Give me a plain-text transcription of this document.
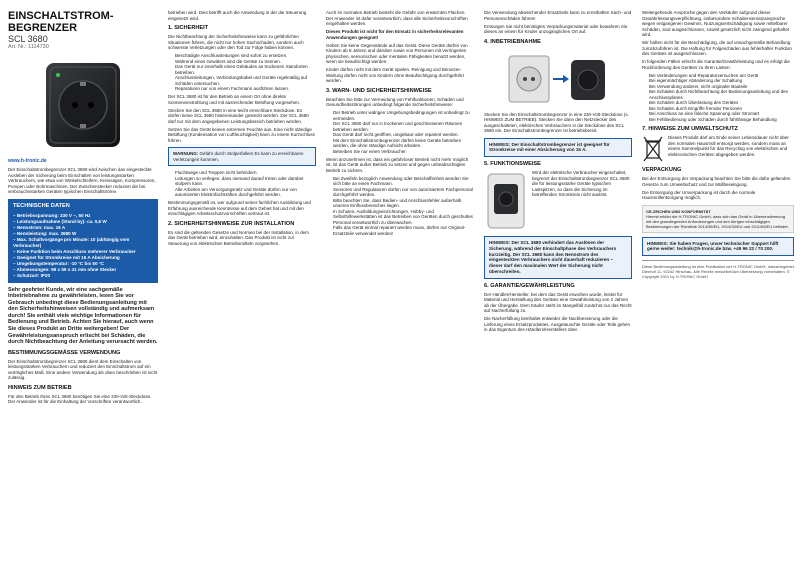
EINSCHALTSTROM-
BEGRENZER
SCL 3680
Art. Nr.: 1114730
www.h-tronic.de

Der Einschaltstrombegrenzer SCL 3680 wird zwischen das eingesteckte Ausleben der Sicherung beim Einschalten von leistungsstarken Verbrauchern, wie etwa von Winkelschleifern, Kreissägen, Kompressoren, Pumpen oder Bohrmaschinen. Der Zwischenstecker reduziert die bei verbrauchsstarken Geräten typischen Einschaltströme.

TECHNISCHE DATEN
– Betriebsspannung: 230 V ~, 50 Hz
– Leistungsaufnahme (Stand-by): ca. 0,6 W
– Nennstrom: max. 16 A
– Nennleistung: max. 3680 W
– Max. Schaltvorgänge pro Minute: 10 (abhängig vom Verbraucher)
– Keine Funktion beim Anschluss mehrerer Verbraucher
– Geeignet für Stromkreise mit 16 A Absicherung
– Umgebungstemperatur: -10 °C bis 50 °C
– Abmessungen: 98 x 59 x 41 mm ohne Stecker
– Schutzart: IP20

Sehr geehrter Kunde, wir eine sachgemäße Inbetriebnahme zu gewährleisten, lesen Sie vor Gebrauch unbedingt diese Bedienungsanleitung mit den Sicherheitshinweisen vollständig und aufmerksam durch! Sie enthält viele wichtige Informationen für Bedienung und Betrieb. Achten Sie hierauf, auch wenn Sie dieses Produkt an Dritte weitergeben! Der Gewährleistungsanspruch erlischt bei Schäden, die durch Nichtbeachtung der Anleitung verursacht werden.

BESTIMMUNGSGEMÄSSE VERWENDUNG

Der Einschaltstrombegrenzer SCL 3680 dient dem Einschalten von leistungsstarken Verbrauchern und reduziert den Einschaltstrom auf ein verträgliches Maß. Eine andere Verwendung als oben beschrieben ist nicht zulässig.

HINWEIS ZUM BETRIEB

Für den Betrieb Ihres SCL 3680 benötigen Sie eine 230-Volt-Steckdose. Der Anwender ist für die Einhaltung der Vorschriften verantwortlich.

betrieben wird. Dies betrifft auch die Anwendung in der die Steuerung eingesetzt wird.

1. SICHERHEIT

Die Nichtbeachtung der Sicherheitshinweise kann zu gefährlichen Situationen führen, die nicht nur hohen Sachschaden, sondern auch schwerste Verletzungen oder den Tod zur Folge haben können.

• Beschädigte Anschlussleitungen sind sofort zu ersetzen.
• Während eines Gewitters sind die Geräte zu trennen.
• Das Gerät nur innerhalb eines Gebäudes an trockenen Standorten betreiben.
• Anschlussleitungen, Verbindungskabel und Geräte regelmäßig auf Schäden untersuchen.
• Reparaturen nur von einem Fachmann ausführen lassen.

Der SCL 3680 ist für den Betrieb an einem Ort ohne direkte Sonneneinstrahlung und mit ausreichender Belüftung vorgesehen.

Stecken Sie den SCL 3680 in eine leicht erreichbare Steckdose. Es dürfen keine SCL 3680 hintereinander gesteckt werden. Der SCL 3680 darf nur mit dem angegebenen Leistungsbereich betrieben werden.

Setzen Sie das Gerät keinen extremen Feuchte aus. Eine nicht ständige Belüftung (Kondensation von Luftfeuchtigkeit) kann zu einem Kurzschluss führen.

WARNUNG: Gefahr durch Stolperfallen! Es kann zu erreichbaren Verletzungen kommen.
• Fluchtwege und Treppen nicht behindern.
• Leitungen so verlegen, dass niemand darauf treten oder darüber stolpern kann.
• Alle Arbeiten am Versorgungsnetz und Geräte dürfen nur von autorisierten Elektrofachkräften durchgeführt werden.

Bestimmungsgemäß ist, wer aufgrund seiner fachlichen Ausbildung und Erfahrung ausreichende Kenntnisse auf dem Gebiet hat und mit den einschlägigen Arbeitsschutzvorschriften vertraut ist.

2. SICHERHEITSHINWEISE ZUR INSTALLATION

Es sind die geltenden Gesetze und Normen bei der Installation, in dem das Gerät betrieben wird, einzuhalten. Das Produkt ist nicht zur Steuerung von elektrischen Betriebsmitteln vorgesehen.

Auch im normalen Betrieb besteht die Gefahr von erwärmten Flächen. Der Anwender ist dafür verantwortlich, dass alle Sicherheitsvorschriften eingehalten werden.

Dieses Produkt ist nicht für den Einsatz in sicherheitsrelevanten Anwendungen geeignet!

Geben Sie keine Gegenstände auf das Gerät. Diese Geräte dürfen von Kindern ab 8 Jahren und darüber sowie von Personen mit verringerten physischen, sensorischen oder mentalen Fähigkeiten benutzt werden, wenn sie beaufsichtigt werden.

Kinder dürfen nicht mit dem Gerät spielen. Reinigung und Benutzer-Wartung dürfen nicht von Kindern ohne Beaufsichtigung durchgeführt werden.

3. WARN- UND SICHERHEITSHINWEISE

Beachten Sie bitte zur Vermeidung von Fehlfunktionen, Schäden und Gesundheitsstörungen unbedingt folgende Sicherheitshinweise:

• Der Betrieb unter widrigen Umgebungsbedingungen ist unbedingt zu vermeiden.
• Der SCL 3680 darf nur in trockenen und geschlossenen Räumen betrieben werden.
• Das Gerät darf nicht geöffnet, umgebaut oder repariert werden.
• Mit dem Einschaltstrombegrenzer dürfen keine Geräte betrieben werden, die ohne ständige Aufsicht arbeiten.
• Betreiben Sie nur einen Verbraucher.

Wenn anzunehmen ist, dass ein gefahrloser Betrieb nicht mehr möglich ist, ist das Gerät außer Betrieb zu setzen und gegen unbeabsichtigten Betrieb zu sichern.

• Bei Zweifeln bezüglich Anwendung oder Beschaffenheit wenden Sie sich bitte an einen Fachmann.
• Sensoren und Regulatoren dürfen nur von autorisiertem Fachpersonal durchgeführt werden.
• Bitte beachten Sie, dass Bedien- und Anschlussfehler außerhalb unseres Einflussbereiches liegen.
• In Schulen, Ausbildungseinrichtungen, Hobby- und Selbsthilfewerkstätten ist das Betreiben von Geräten durch geschultes Personal verantwortlich zu überwachen.
• Falls das Gerät einmal repariert werden muss, dürfen nur Original-Ersatzteile verwendet werden!

Die Verwendung abweichender Ersatzteile kann zu ernsthaften Sach- und Personenschäden führen!

Entsorgen Sie nicht benötigtes Verpackungsmaterial oder bewahren Sie dieses an einem für Kinder unzugänglichen Ort auf.

4. INBETRIEBNAHME

Stecken Sie den Einschaltstrombegrenzer in eine 230-Volt-Steckdose (s. HINWEIS ZUM BETRIEB). Stecken Sie dann den Netzstecker des ausgeschalteten, elektrischen Verbrauchers in die Steckdose des SCL 3680 ein. Der Einschaltstrombegrenzer ist betriebsbereit.

HINWEIS: Der Einschaltstrombegrenzer ist geeignet für Stromkreise mit einer Absicherung von 16 A.
5. FUNKTIONSWEISE

Wird der elektrische Verbraucher eingeschaltet, begrenzt der Einschaltstrombegrenzer SCL 3680 die für leistungsstarke Geräte typischen Lastspitzen, so dass die Sicherung im betreffenden Stromkreis nicht auslöst.

HINWEIS: Der SCL 3680 verhindert das Auslösen der Sicherung, während der Einschaltphase des Verbrauchers kurzzeitig. Der SCL 3680 kann den Nennstrom des eingesteckten Verbrauchers nicht dauerhaft reduzieren – dieser darf den maximalen Wert der Sicherung nicht überschreiten.
6. GARANTIE/GEWÄHRLEISTUNG

Der Händler/Hersteller, bei dem das Gerät erworben wurde, leistet für Material und Herstellung des Gerätes eine Gewährleistung von 2 Jahren ab der Übergabe. Dem Käufer steht im Mangelfall zunächst nur das Recht auf Nacherfüllung zu.

Die Nacherfüllung beinhaltet entweder die Nachbesserung oder die Lieferung eines Ersatzproduktes. Ausgetauschte Geräte oder Teile gehen in das Eigentum des Händlers/Herstellers über.

Weitergehende Ansprüche gegen den Verkäufer aufgrund dieser Gewährleistungsverpflichtung, insbesondere Schadensersatzansprüche wegen entgangenen Gewinns, Nutzungsentschädigung sowie mittelbarer Schäden, sind ausgeschlossen, soweit gesetzlich nicht zwingend gehaftet wird.

Wir haften nicht für die Beschädigung, die auf unsachgemäße Behandlung zurückzuführen ist. Die Haftung für Folgeschäden aus fehlerhafter Funktion des Gerätes ist ausgeschlossen.

In folgenden Fällen erlischt die Garantie/Gewährleistung und es erfolgt die Rückforderung des Gerätes zu Ihren Lasten:

• Bei Veränderungen und Reparaturversuchen am Gerät
• Bei eigenmächtiger Abänderung der Schaltung
• Bei Verwendung anderer, nicht originaler Bauteile
• Bei Schäden durch Nichtbeachtung der Bedienungsanleitung und des Anschlussplanes
• Bei Schäden durch Überlastung des Gerätes
• Bei Schäden durch Eingriffe fremder Personen
• Bei Anschluss an eine falsche Spannung oder Stromart
• Bei Fehlbedienung oder Schäden durch fahrlässige Behandlung
7. HINWEISE ZUM UMWELTSCHUTZ

Dieses Produkt darf am Ende seiner Lebensdauer nicht über den normalen Hausmüll entsorgt werden, sondern muss an einem Sammelpunkt für das Recycling von elektrischen und elektronischen Geräten abgegeben werden.

VERPACKUNG

Bei der Entsorgung der Verpackung beachten Sie bitte die dafür geltenden Gesetze zum Umweltschutz und zur Müllbeseitigung.

Die Entsorgung der Umverpackung ist durch die normale Hausmüllentsorgung möglich.

CE-ZEICHEN UND KONFORMITÄT
Hiermit erklärt die H-TRONIC GmbH, dass sich das Gerät in Übereinstimmung mit den grundlegenden Anforderungen und den übrigen einschlägigen Bestimmungen der Richtlinie 2014/35/EU, 2014/30/EU und 2011/65/EU befindet.
HINWEIS: Sie haben Fragen, unser technischer Support hilft gerne weiter: technik@h-tronic.de bzw. +49 96 22 / 70 200.
Diese Bedienungsanleitung ist eine Publikation der H-TRONIC GmbH, Industriegebiet Dienhof 11, 92242 Hirschau. Alle Rechte einschließlich Übersetzung vorbehalten. © Copyright 2021 by H-TRONIC GmbH
